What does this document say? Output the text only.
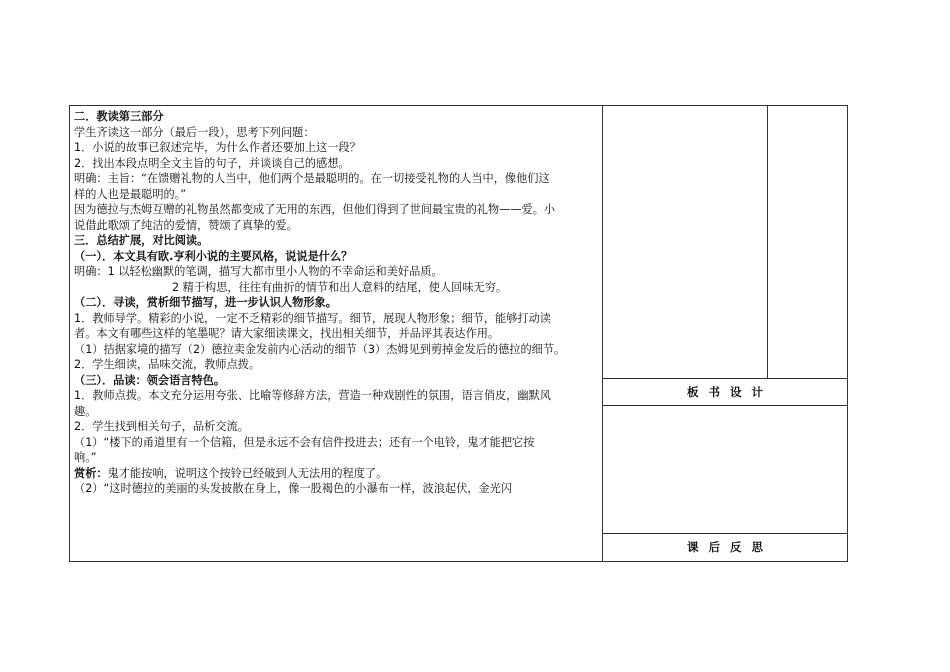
板书设计
课后反思
二．教读第三部分
学生齐读这一部分（最后一段），思考下列问题：
1．小说的故事已叙述完毕，为什么作者还要加上这一段？
2．找出本段点明全文主旨的句子，并谈谈自己的感想。
明确：主旨：“在馈赠礼物的人当中，他们两个是最聪明的。在一切接受礼物的人当中，像他们这
样的人也是最聪明的。”
因为德拉与杰姆互赠的礼物虽然都变成了无用的东西，但他们得到了世间最宝贵的礼物——爱。小
说借此歌颂了纯洁的爱情，赞颂了真挚的爱。
三．总结扩展，对比阅读。
（一）．本文具有欧.亨利小说的主要风格，说说是什么？
明确：1 以轻松幽默的笔调，描写大都市里小人物的不幸命运和美好品质。
2 精于构思，往往有曲折的情节和出人意料的结尾，使人回味无穷。
（二）．寻读，赏析细节描写，进一步认识人物形象。
1．教师导学。精彩的小说，一定不乏精彩的细节描写。细节，展现人物形象；细节，能够打动读
者。本文有哪些这样的笔墨呢？请大家细读课文，找出相关细节，并品评其表达作用。
（1）拮据家境的描写（2）德拉卖金发前内心活动的细节（3）杰姆见到剪掉金发后的德拉的细节。
2．学生细读，品味交流，教师点拨。
（三）．品读：领会语言特色。
1．教师点拨。本文充分运用夸张、比喻等修辞方法，营造一种戏剧性的氛围，语言俏皮，幽默风
趣。
2．学生找到相关句子，品析交流。
（1）“楼下的甬道里有一个信箱，但是永远不会有信件投进去；还有一个电铃，鬼才能把它按
响。”
赏析：鬼才能按响，说明这个按铃已经破到人无法用的程度了。
（2）“这时德拉的美丽的头发披散在身上，像一股褐色的小瀑布一样，波浪起伏，金光闪
